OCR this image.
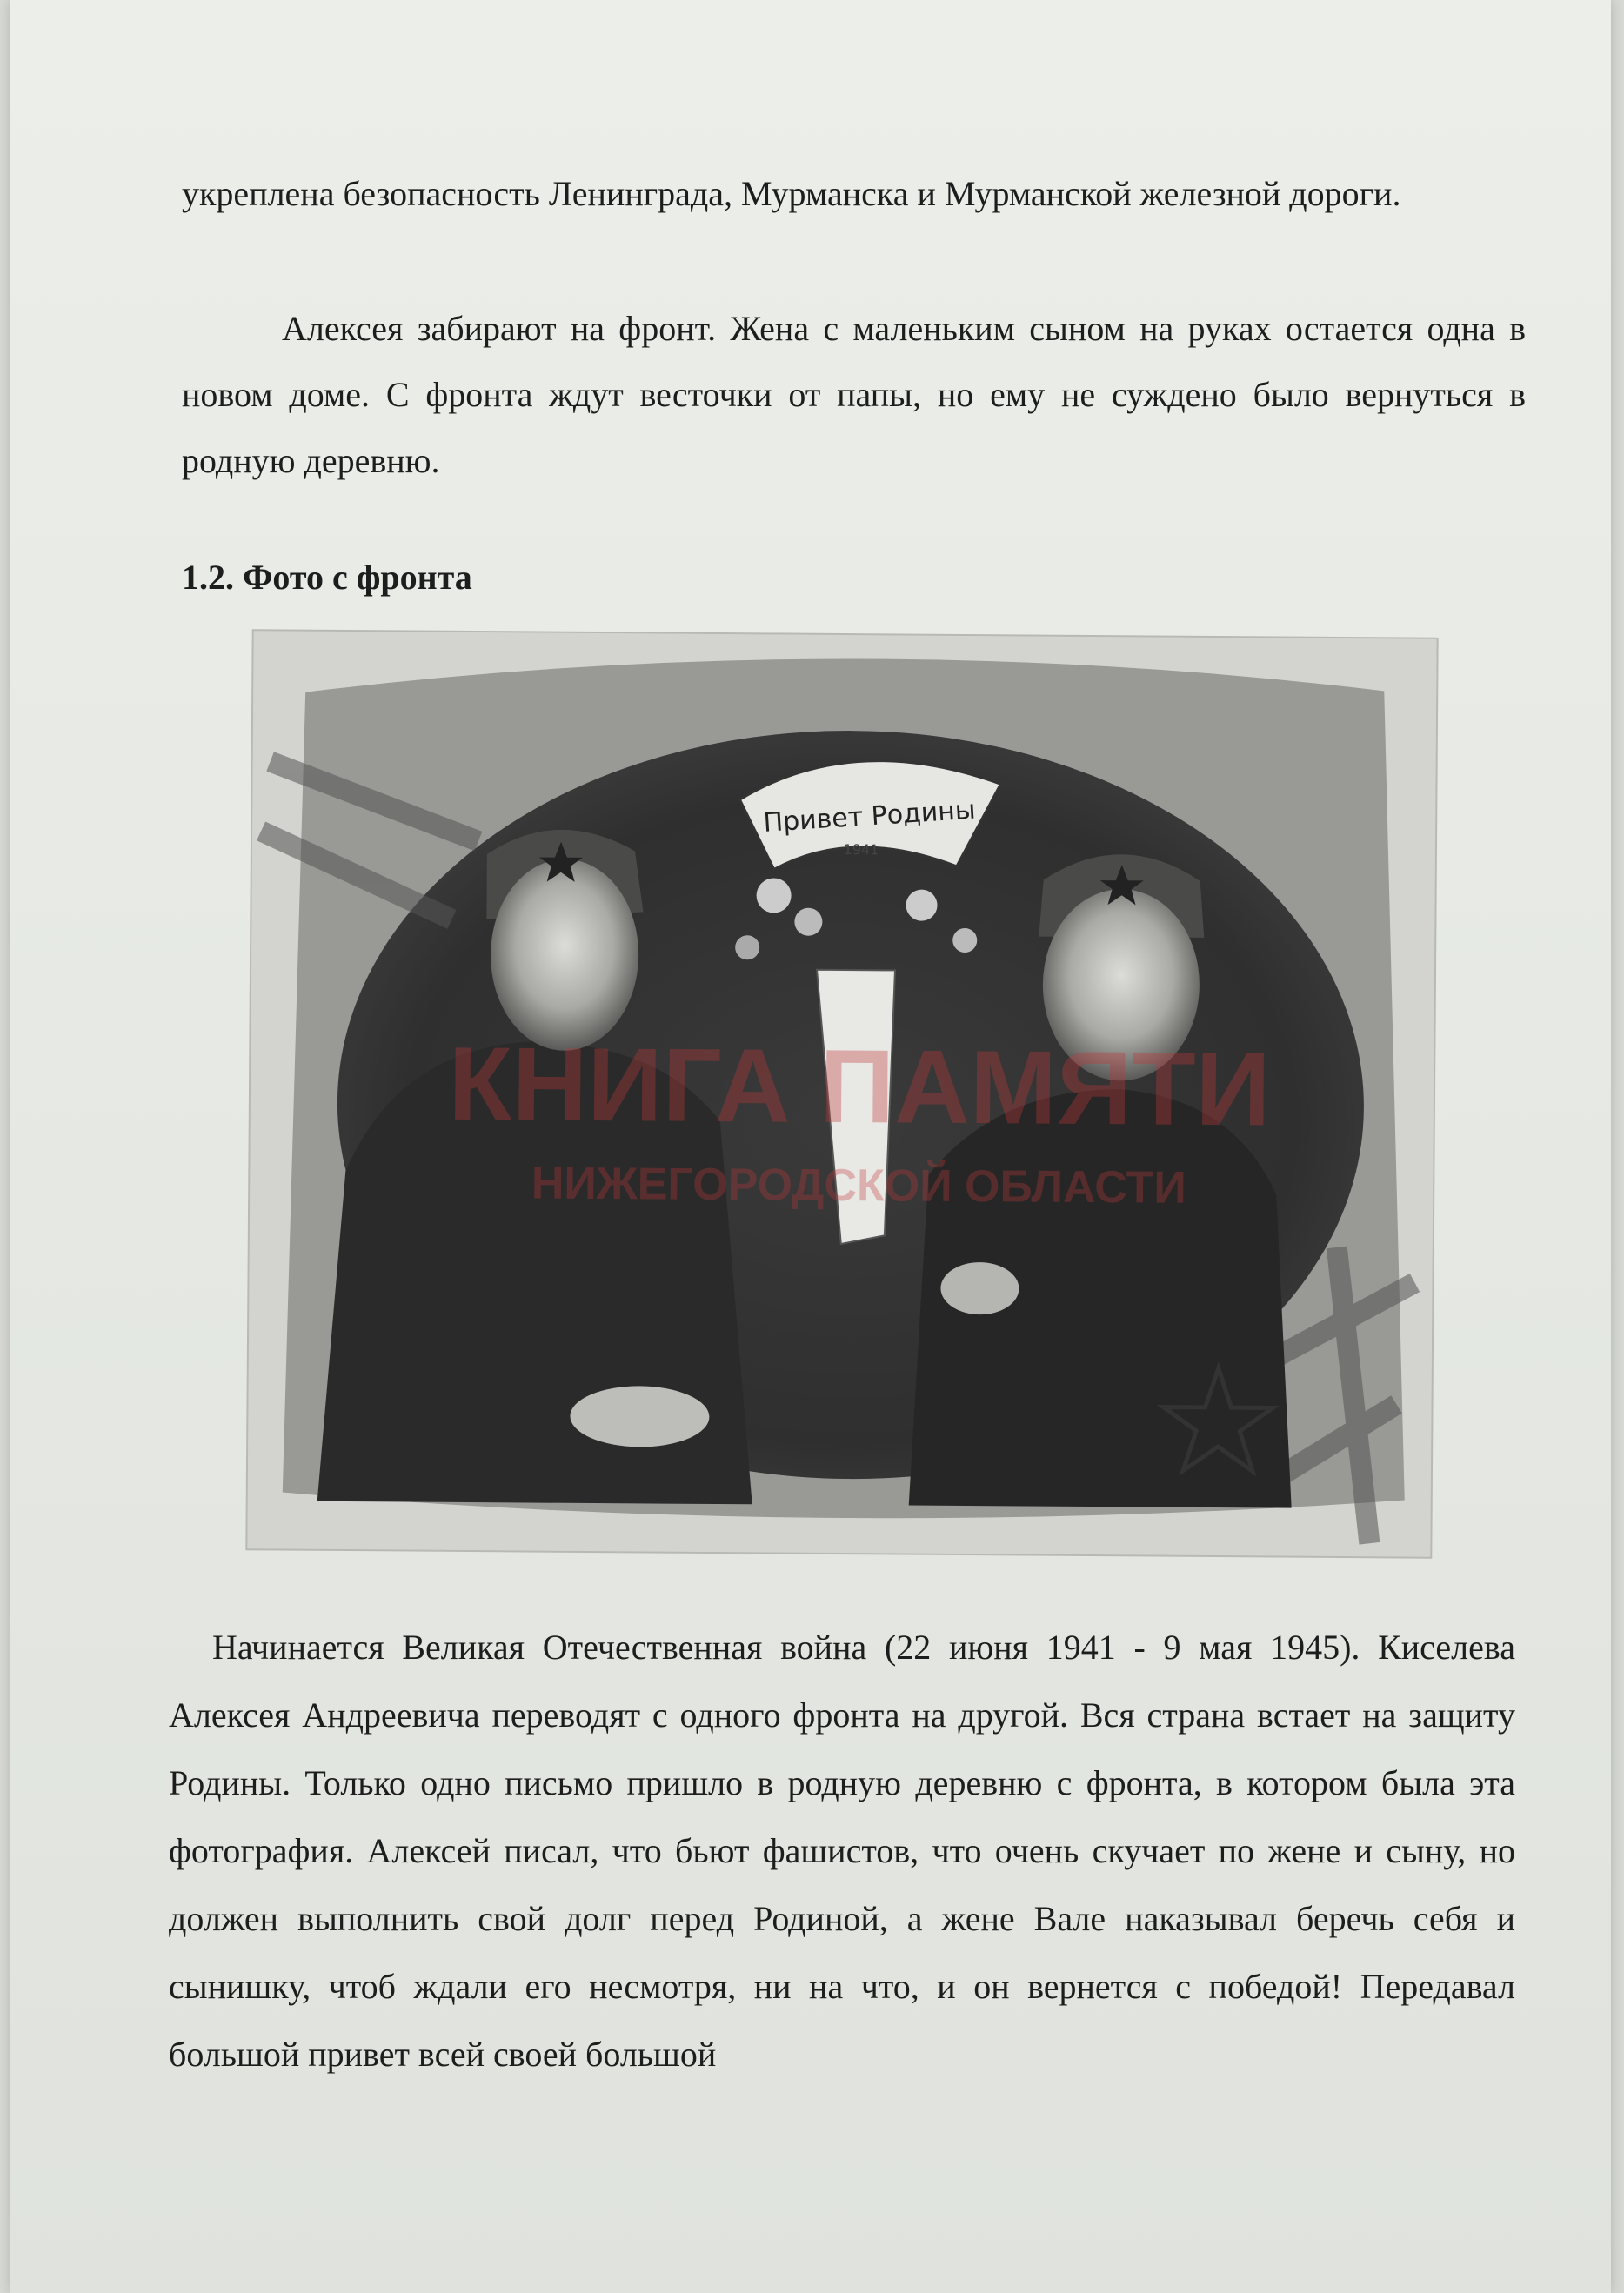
укреплена безопасность Ленинграда, Мурманска и Мурманской железной дороги.

Алексея забирают на фронт. Жена с маленьким сыном на руках остается одна в новом доме. С фронта ждут весточки от папы, но ему не суждено было вернуться в родную деревню.

1.2. Фото с фронта
Привет Родины
1941
КНИГА ПАМЯТИ
НИЖЕГОРОДСКОЙ ОБЛАСТИ

Начинается Великая Отечественная война (22 июня 1941 - 9 мая 1945). Киселева Алексея Андреевича переводят с одного фронта на другой. Вся страна встает на защиту Родины. Только одно письмо пришло в родную деревню с фронта, в котором была эта фотография. Алексей писал, что бьют фашистов, что очень скучает по жене и сыну, но должен выполнить свой долг перед Родиной, а жене Вале наказывал беречь себя и сынишку, чтоб ждали его несмотря, ни на что, и он вернется с победой! Передавал большой привет всей своей большой
